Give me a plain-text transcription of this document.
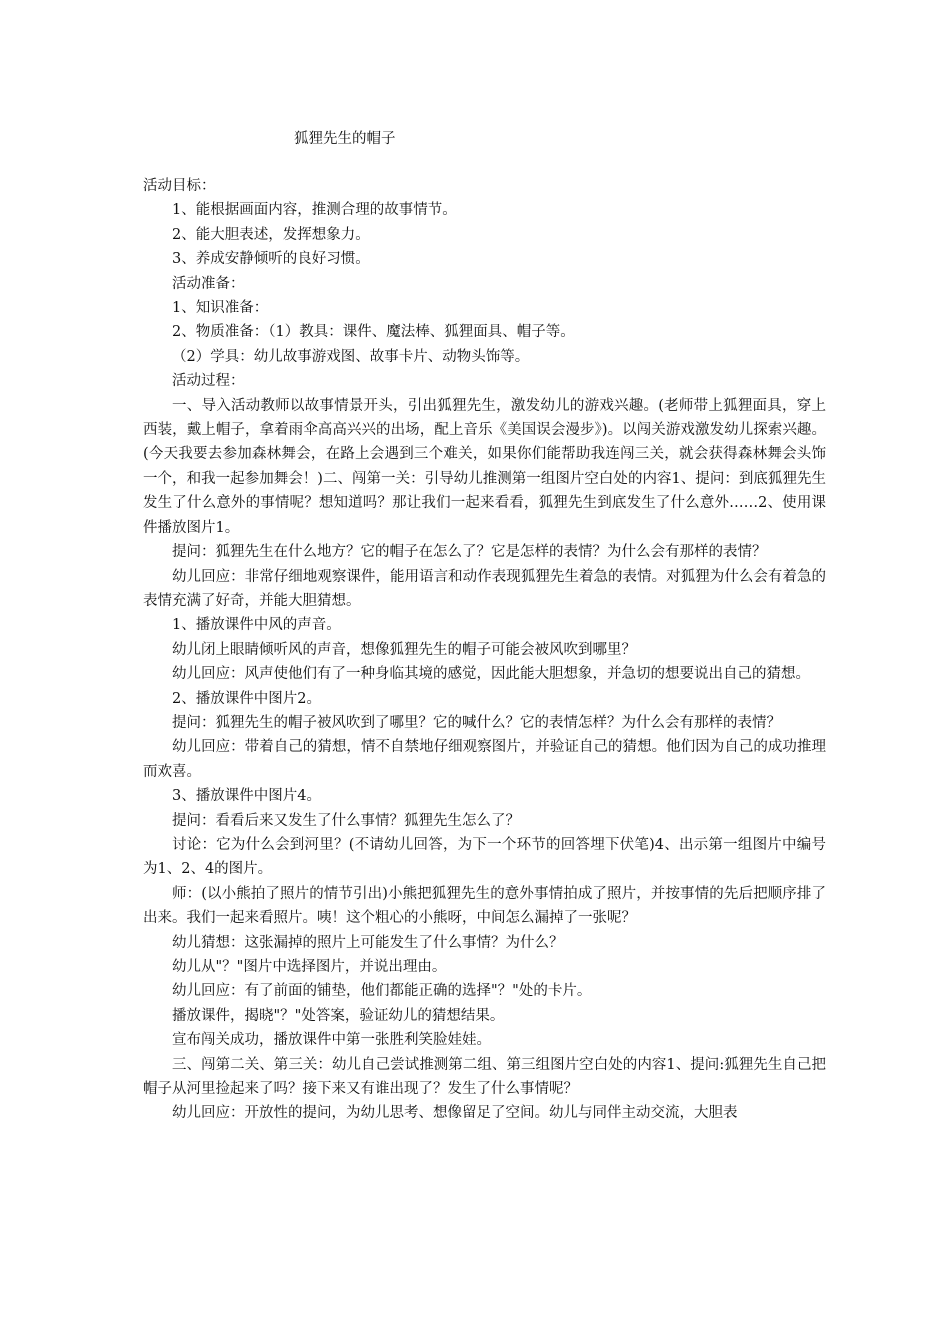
狐狸先生的帽子

活动目标：

1、能根据画面内容，推测合理的故事情节。

2、能大胆表述，发挥想象力。

3、养成安静倾听的良好习惯。

活动准备：

1、知识准备：

2、物质准备：（1）教具：课件、魔法棒、狐狸面具、帽子等。

（2）学具：幼儿故事游戏图、故事卡片、动物头饰等。

活动过程：

一、导入活动教师以故事情景开头，引出狐狸先生，激发幼儿的游戏兴趣。(老师带上狐狸面具，穿上西装，戴上帽子，拿着雨伞高高兴兴的出场，配上音乐《美国误会漫步》)。以闯关游戏激发幼儿探索兴趣。(今天我要去参加森林舞会，在路上会遇到三个难关，如果你们能帮助我连闯三关，就会获得森林舞会头饰一个，和我一起参加舞会！)二、闯第一关：引导幼儿推测第一组图片空白处的内容1、提问：到底狐狸先生发生了什么意外的事情呢？想知道吗？那让我们一起来看看，狐狸先生到底发生了什么意外……2、使用课件播放图片1。

提问：狐狸先生在什么地方？它的帽子在怎么了？它是怎样的表情？为什么会有那样的表情？

幼儿回应：非常仔细地观察课件，能用语言和动作表现狐狸先生着急的表情。对狐狸为什么会有着急的表情充满了好奇，并能大胆猜想。

1、播放课件中风的声音。

幼儿闭上眼睛倾听风的声音，想像狐狸先生的帽子可能会被风吹到哪里？

幼儿回应：风声使他们有了一种身临其境的感觉，因此能大胆想象，并急切的想要说出自己的猜想。

2、播放课件中图片2。

提问：狐狸先生的帽子被风吹到了哪里？它的喊什么？它的表情怎样？为什么会有那样的表情？

幼儿回应：带着自己的猜想，情不自禁地仔细观察图片，并验证自己的猜想。他们因为自己的成功推理而欢喜。

3、播放课件中图片4。

提问：看看后来又发生了什么事情？狐狸先生怎么了？

讨论：它为什么会到河里？(不请幼儿回答，为下一个环节的回答埋下伏笔)4、出示第一组图片中编号为1、2、4的图片。

师：(以小熊拍了照片的情节引出)小熊把狐狸先生的意外事情拍成了照片，并按事情的先后把顺序排了出来。我们一起来看照片。咦！这个粗心的小熊呀，中间怎么漏掉了一张呢？

幼儿猜想：这张漏掉的照片上可能发生了什么事情？为什么？

幼儿从"？"图片中选择图片，并说出理由。

幼儿回应：有了前面的铺垫，他们都能正确的选择"？"处的卡片。

播放课件，揭晓"？"处答案，验证幼儿的猜想结果。

宣布闯关成功，播放课件中第一张胜利笑脸娃娃。

三、闯第二关、第三关：幼儿自己尝试推测第二组、第三组图片空白处的内容1、提问:狐狸先生自己把帽子从河里捡起来了吗？接下来又有谁出现了？发生了什么事情呢？

幼儿回应：开放性的提问，为幼儿思考、想像留足了空间。幼儿与同伴主动交流，大胆表
